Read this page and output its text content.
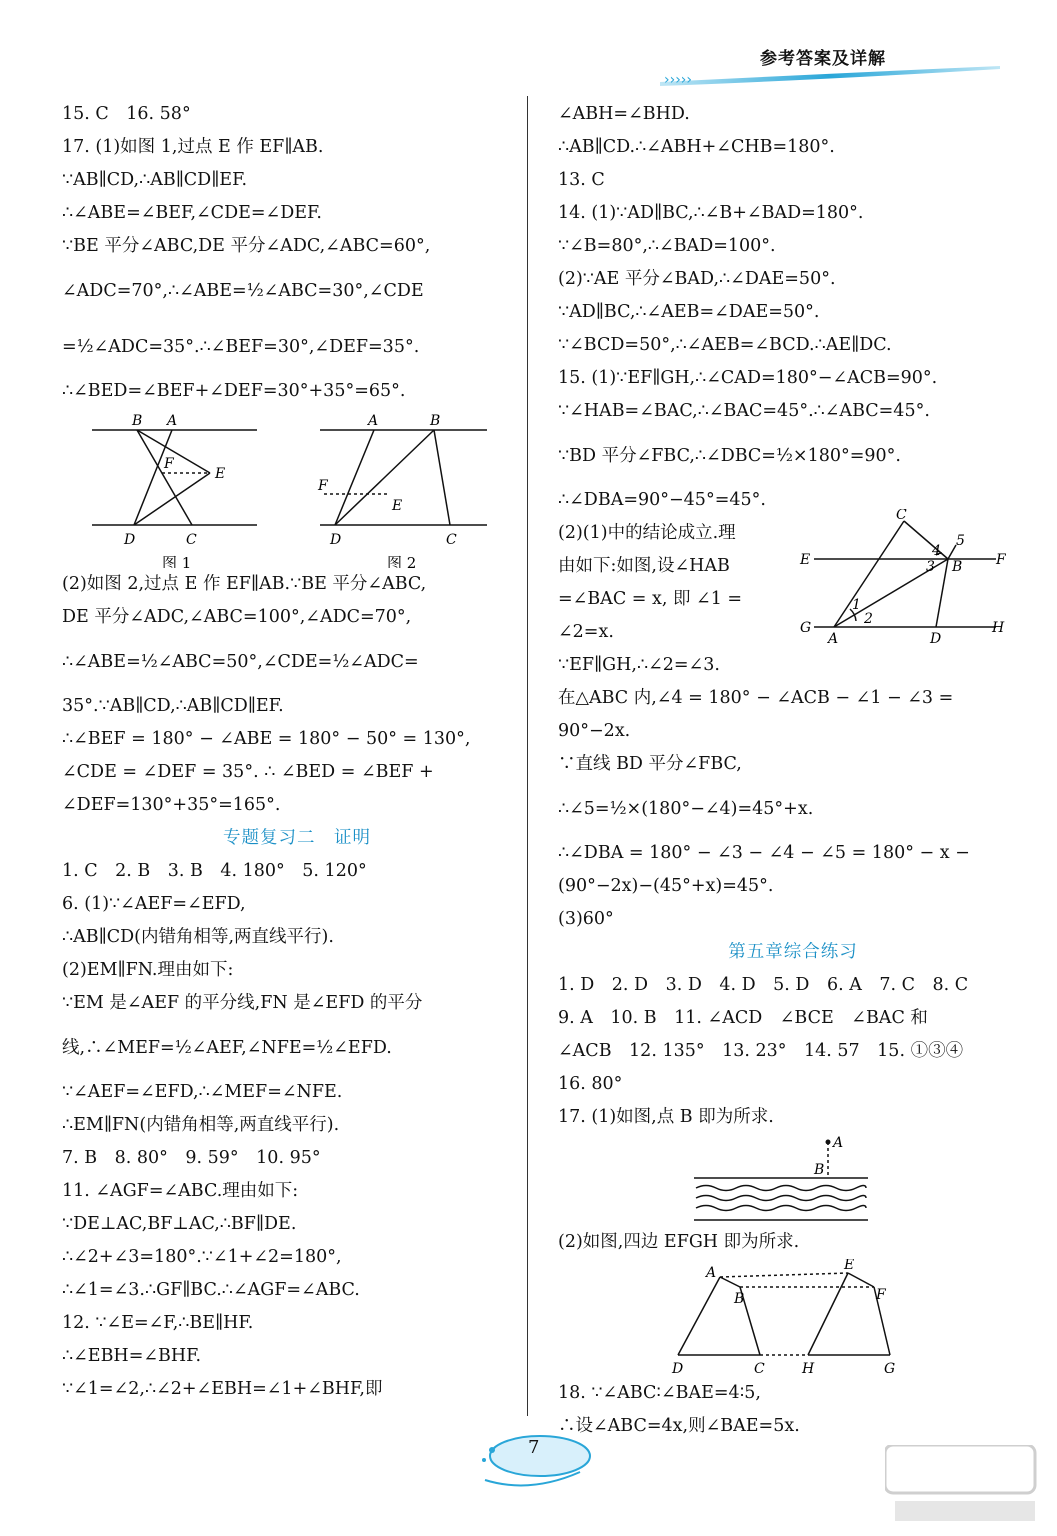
›››››
参考答案及详解
15. C　16. 58°
17. (1)如图 1,过点 E 作 EF∥AB.
∵AB∥CD,∴AB∥CD∥EF.
∴∠ABE=∠BEF,∠CDE=∠DEF.
∵BE 平分∠ABC,DE 平分∠ADC,∠ABC=60°,
∠ADC=70°,∴∠ABE=½∠ABC=30°,∠CDE
=½∠ADC=35°.∴∠BEF=30°,∠DEF=35°.
∴∠BED=∠BEF+∠DEF=30°+35°=65°.
B A
F
E
D	C
图 1
A	B
F
E
D	C
图 2
(2)如图 2,过点 E 作 EF∥AB.∵BE 平分∠ABC,
DE 平分∠ADC,∠ABC=100°,∠ADC=70°,
∴∠ABE=½∠ABC=50°,∠CDE=½∠ADC=
35°.∵AB∥CD,∴AB∥CD∥EF.
∴∠BEF = 180° − ∠ABE = 180° − 50° = 130°,
∠CDE = ∠DEF = 35°. ∴ ∠BED = ∠BEF +
∠DEF=130°+35°=165°.
专题复习二　证明
1. C　2. B　3. B　4. 180°　5. 120°
6. (1)∵∠AEF=∠EFD,
∴AB∥CD(内错角相等,两直线平行).
(2)EM∥FN.理由如下:
∵EM 是∠AEF 的平分线,FN 是∠EFD 的平分
线,∴∠MEF=½∠AEF,∠NFE=½∠EFD.
∵∠AEF=∠EFD,∴∠MEF=∠NFE.
∴EM∥FN(内错角相等,两直线平行).
7. B　8. 80°　9. 59°　10. 95°
11. ∠AGF=∠ABC.理由如下:
∵DE⊥AC,BF⊥AC,∴BF∥DE.
∴∠2+∠3=180°.∵∠1+∠2=180°,
∴∠1=∠3.∴GF∥BC.∴∠AGF=∠ABC.
12. ∵∠E=∠F,∴BE∥HF.
∴∠EBH=∠BHF.
∵∠1=∠2,∴∠2+∠EBH=∠1+∠BHF,即
∠ABH=∠BHD.
∴AB∥CD.∴∠ABH+∠CHB=180°.
13. C
14. (1)∵AD∥BC,∴∠B+∠BAD=180°.
∵∠B=80°,∴∠BAD=100°.
(2)∵AE 平分∠BAD,∴∠DAE=50°.
∵AD∥BC,∴∠AEB=∠DAE=50°.
∵∠BCD=50°,∴∠AEB=∠BCD.∴AE∥DC.
15. (1)∵EF∥GH,∴∠CAD=180°−∠ACB=90°.
∵∠HAB=∠BAC,∴∠BAC=45°.∴∠ABC=45°.
∵BD 平分∠FBC,∴∠DBC=½×180°=90°.
∴∠DBA=90°−45°=45°.
(2)(1)中的结论成立.理
由如下:如图,设∠HAB
=∠BAC = x, 即 ∠1 =
∠2=x.
C
5
4
3 B
E	F
1
2
G
A	D
H
∵EF∥GH,∴∠2=∠3.
在△ABC 内,∠4 = 180° − ∠ACB − ∠1 − ∠3 =
90°−2x.
∵直线 BD 平分∠FBC,
∴∠5=½×(180°−∠4)=45°+x.
∴∠DBA = 180° − ∠3 − ∠4 − ∠5 = 180° − x −
(90°−2x)−(45°+x)=45°.
(3)60°
第五章综合练习
1. D　2. D　3. D　4. D　5. D　6. A　7. C　8. C
9. A　10. B　11. ∠ACD　∠BCE　∠BAC 和
∠ACB　12. 135°　13. 23°　14. 57　15. ①③④
16. 80°
17. (1)如图,点 B 即为所求.
A
B
(2)如图,四边 EFGH 即为所求.
A	E
B	F
D	C	H	G
18. ∵∠ABC∶∠BAE=4∶5,
∴设∠ABC=4x,则∠BAE=5x.
7
